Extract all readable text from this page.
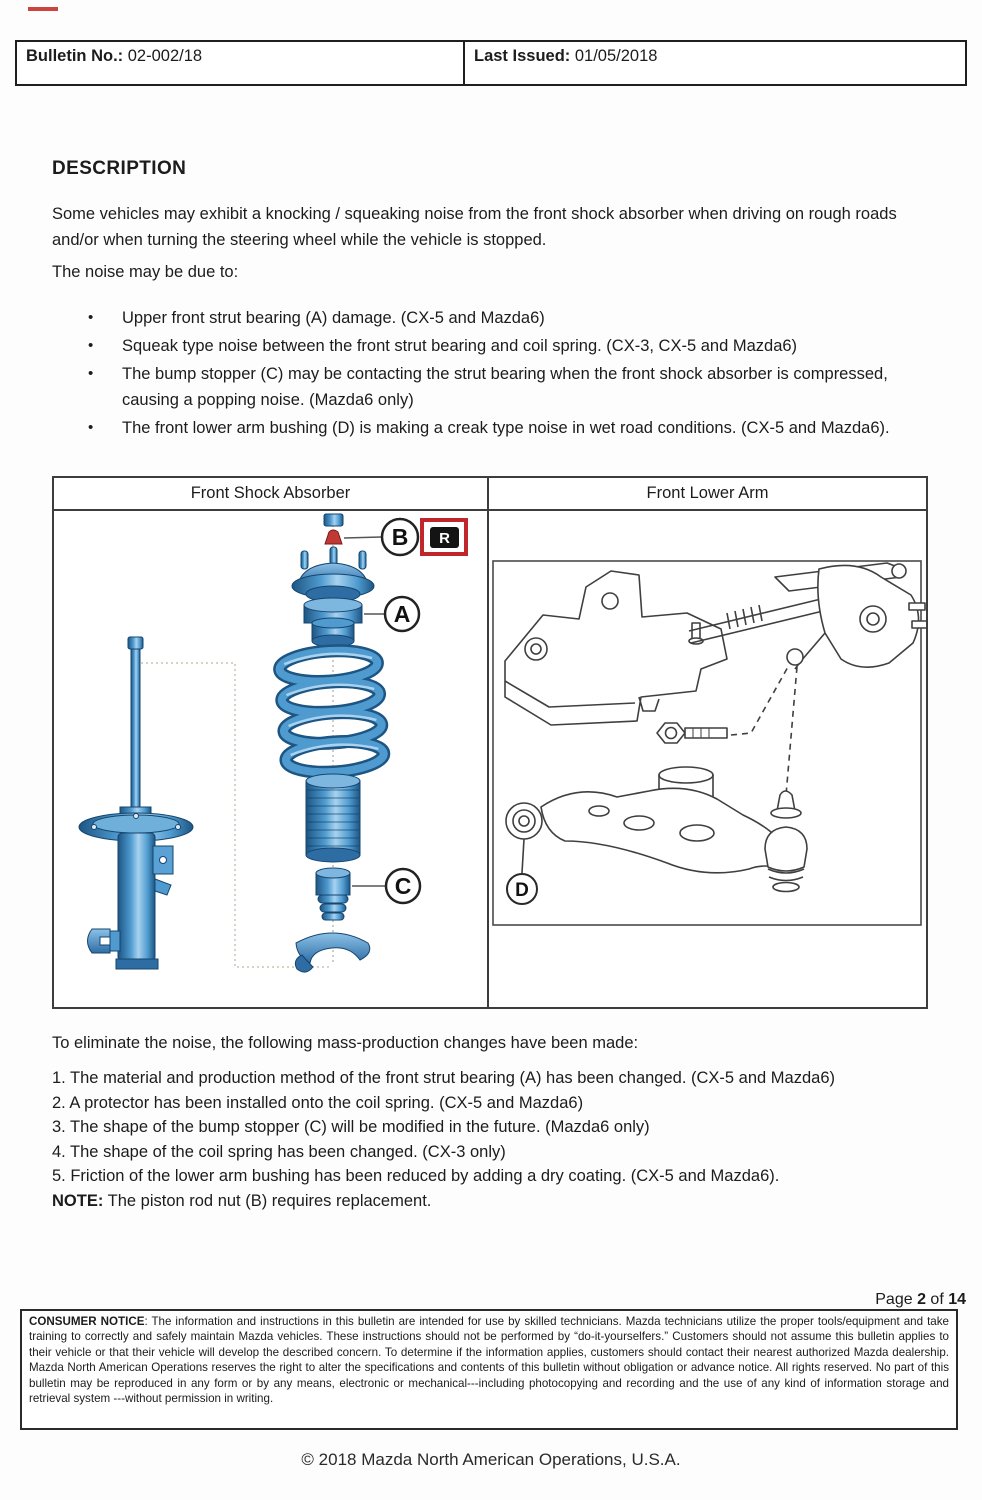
Bulletin No.: 02-002/18	Last Issued: 01/05/2018
DESCRIPTION
Some vehicles may exhibit a knocking / squeaking noise from the front shock absorber when driving on rough roads and/or when turning the steering wheel while the vehicle is stopped.
The noise may be due to:
•	Upper front strut bearing (A) damage. (CX-5 and Mazda6)
•	Squeak type noise between the front strut bearing and coil spring. (CX-3, CX-5 and Mazda6)
•	The bump stopper (C) may be contacting the strut bearing when the front shock absorber is compressed, causing a popping noise. (Mazda6 only)
•	The front lower arm bushing (D) is making a creak type noise in wet road conditions. (CX-5 and Mazda6).
Front Shock Absorber	Front Lower Arm
B R
A
C	D
To eliminate the noise, the following mass-production changes have been made:
1. The material and production method of the front strut bearing (A) has been changed. (CX-5 and Mazda6)
2. A protector has been installed onto the coil spring. (CX-5 and Mazda6)
3. The shape of the bump stopper (C) will be modified in the future. (Mazda6 only)
4. The shape of the coil spring has been changed. (CX-3 only)
5. Friction of the lower arm bushing has been reduced by adding a dry coating. (CX-5 and Mazda6).
NOTE: The piston rod nut (B) requires replacement.
Page 2 of 14
CONSUMER NOTICE: The information and instructions in this bulletin are intended for use by skilled technicians. Mazda technicians utilize the proper tools/equipment and take training to correctly and safely maintain Mazda vehicles. These instructions should not be performed by “do-it-yourselfers.” Customers should not assume this bulletin applies to their vehicle or that their vehicle will develop the described concern. To determine if the information applies, customers should contact their nearest authorized Mazda dealership. Mazda North American Operations reserves the right to alter the specifications and contents of this bulletin without obligation or advance notice. All rights reserved. No part of this bulletin may be reproduced in any form or by any means, electronic or mechanical---including photocopying and recording and the use of any kind of information storage and retrieval system ---without permission in writing.
© 2018 Mazda North American Operations, U.S.A.
